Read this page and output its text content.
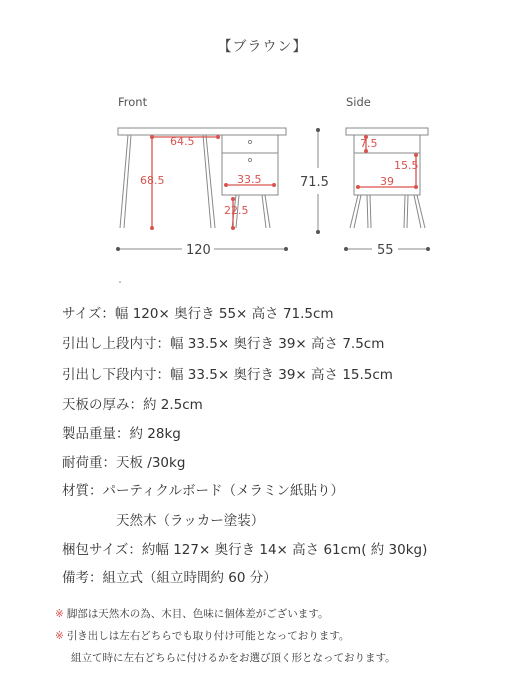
【ブラウン】
Front	Side
64.5
68.5	33.5
22.5
120
71.5
7.5
15.5
39
55
サイズ：幅 120× 奥行き 55× 高さ 71.5cm
引出し上段内寸：幅 33.5× 奥行き 39× 高さ 7.5cm
引出し下段内寸：幅 33.5× 奥行き 39× 高さ 15.5cm
天板の厚み：約 2.5cm
製品重量：約 28kg
耐荷重：天板 /30kg
材質：パーティクルボード（メラミン紙貼り）
天然木（ラッカー塗装）
梱包サイズ：約幅 127× 奥行き 14× 高さ 61cm( 約 30kg)
備考：組立式（組立時間約 60 分）
※ 脚部は天然木の為、木目、色味に個体差がございます。
※ 引き出しは左右どちらでも取り付け可能となっております。
組立て時に左右どちらに付けるかをお選び頂く形となっております。
